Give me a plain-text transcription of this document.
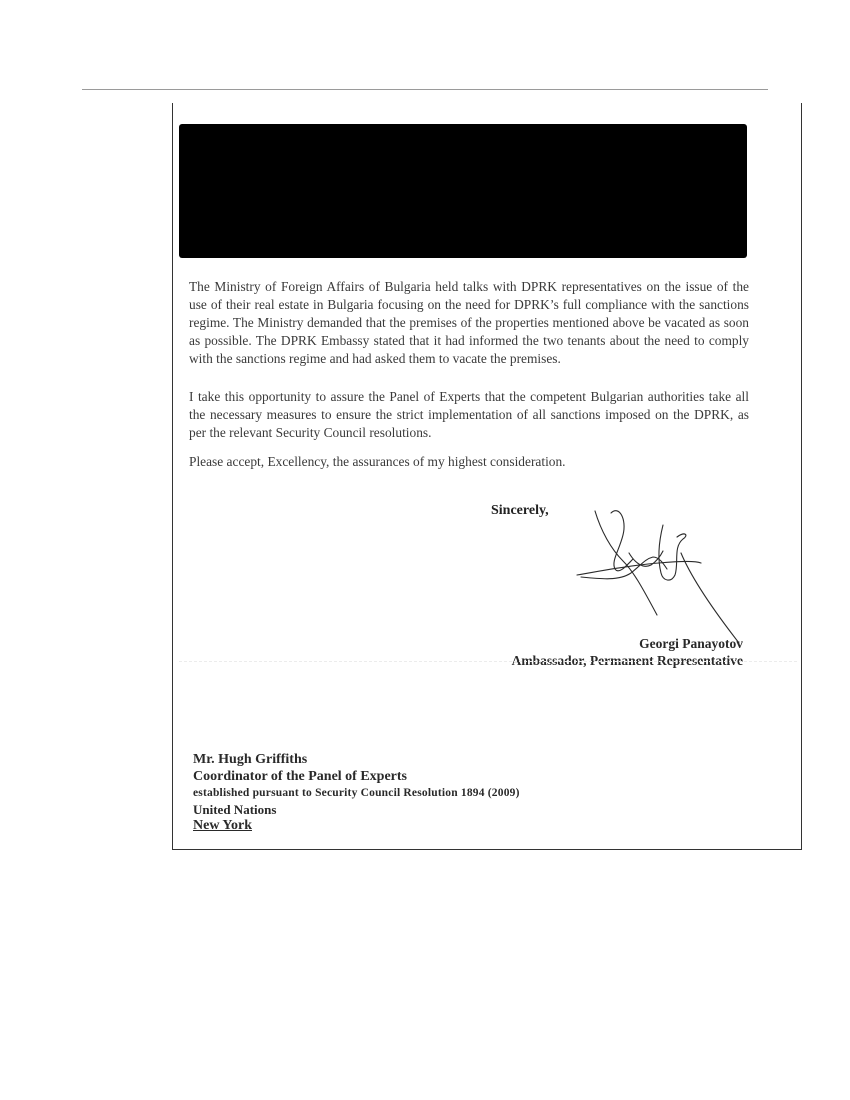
The Ministry of Foreign Affairs of Bulgaria held talks with DPRK representatives on the issue of the use of their real estate in Bulgaria focusing on the need for DPRK’s full compliance with the sanctions regime. The Ministry demanded that the premises of the properties mentioned above be vacated as soon as possible. The DPRK Embassy stated that it had informed the two tenants about the need to comply with the sanctions regime and had asked them to vacate the premises.

I take this opportunity to assure the Panel of Experts that the competent Bulgarian authorities take all the necessary measures to ensure the strict implementation of all sanctions imposed on the DPRK, as per the relevant Security Council resolutions.

Please accept, Excellency, the assurances of my highest consideration.

Sincerely,
Georgi Panayotov
Ambassador, Permanent Representative
Mr. Hugh Griffiths
Coordinator of the Panel of Experts
established pursuant to Security Council Resolution 1894 (2009)
United Nations
New York
